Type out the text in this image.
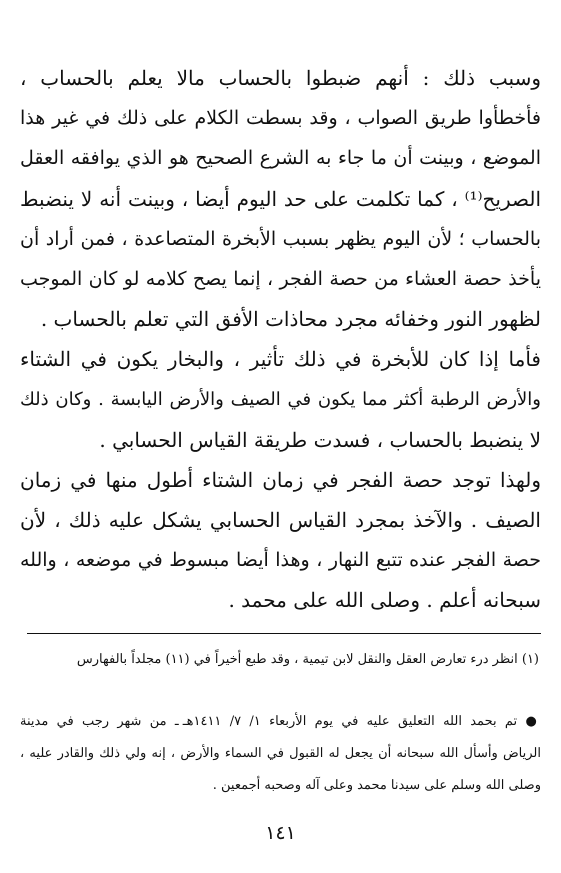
وسبب ذلك : أنهم ضبطوا بالحساب مالا يعلم بالحساب ،
فأخطأوا طريق الصواب ، وقد بسطت الكلام على ذلك في غير هذا
الموضع ، وبينت أن ما جاء به الشرع الصحيح هو الذي يوافقه العقل
الصريح⁽¹⁾ ، كما تكلمت على حد اليوم أيضا ، وبينت أنه لا ينضبط
بالحساب ؛ لأن اليوم يظهر بسبب الأبخرة المتصاعدة ، فمن أراد أن
يأخذ حصة العشاء من حصة الفجر ، إنما يصح كلامه لو كان الموجب
لظهور النور وخفائه مجرد محاذات الأفق التي تعلم بالحساب .
فأما إذا كان للأبخرة في ذلك تأثير ، والبخار يكون في الشتاء
والأرض الرطبة أكثر مما يكون في الصيف والأرض اليابسة . وكان ذلك
لا ينضبط بالحساب ، فسدت طريقة القياس الحسابي .
ولهذا توجد حصة الفجر في زمان الشتاء أطول منها في زمان
الصيف . والآخذ بمجرد القياس الحسابي يشكل عليه ذلك ، لأن
حصة الفجر عنده تتبع النهار ، وهذا أيضا مبسوط في موضعه ، والله
سبحانه أعلم . وصلى الله على محمد .
(١) انظر درء تعارض العقل والنقل لابن تيمية ، وقد طبع أخيراً في (١١) مجلداً بالفهارس
● تم بحمد الله التعليق عليه في يوم الأربعاء ١/ ٧/ ١٤١١هـ ـ من شهر رجب في مدينة
الرياض وأسأل الله سبحانه أن يجعل له القبول في السماء والأرض ، إنه ولي ذلك والقادر عليه ،
وصلى الله وسلم على سيدنا محمد وعلى آله وصحبه أجمعين .
١٤١
